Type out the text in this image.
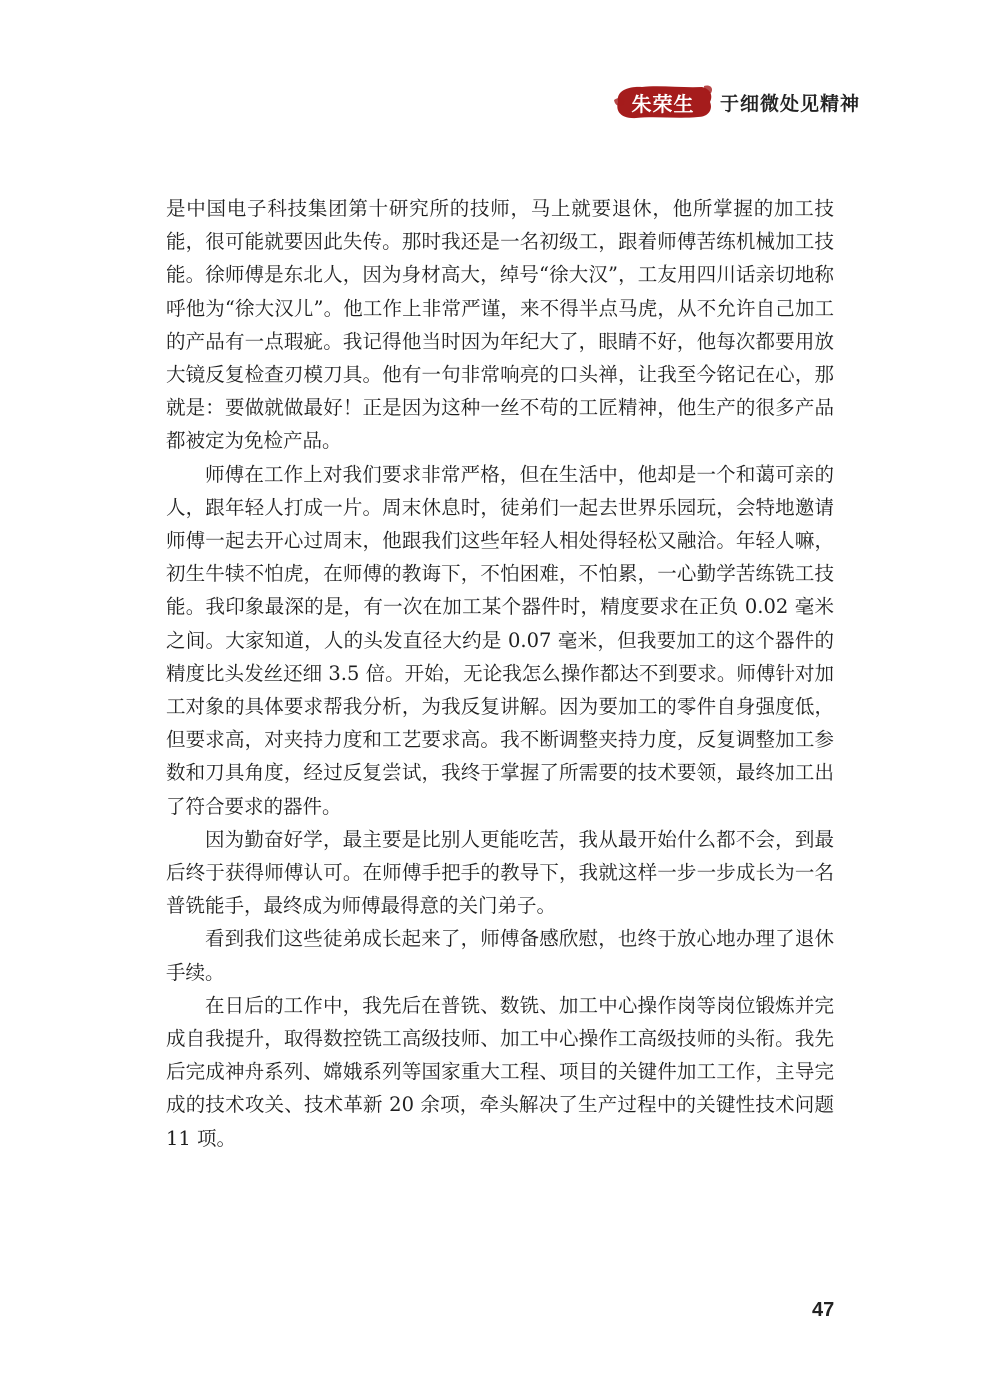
朱荣生 于细微处见精神

是中国电子科技集团第十研究所的技师，马上就要退休，他所掌握的加工技能，很可能就要因此失传。那时我还是一名初级工，跟着师傅苦练机械加工技能。徐师傅是东北人，因为身材高大，绰号“徐大汉”，工友用四川话亲切地称呼他为“徐大汉儿”。他工作上非常严谨，来不得半点马虎，从不允许自己加工的产品有一点瑕疵。我记得他当时因为年纪大了，眼睛不好，他每次都要用放大镜反复检查刃模刀具。他有一句非常响亮的口头禅，让我至今铭记在心，那就是：要做就做最好！正是因为这种一丝不苟的工匠精神，他生产的很多产品都被定为免检产品。

师傅在工作上对我们要求非常严格，但在生活中，他却是一个和蔼可亲的人，跟年轻人打成一片。周末休息时，徒弟们一起去世界乐园玩，会特地邀请师傅一起去开心过周末，他跟我们这些年轻人相处得轻松又融洽。年轻人嘛，初生牛犊不怕虎，在师傅的教诲下，不怕困难，不怕累，一心勤学苦练铣工技能。我印象最深的是，有一次在加工某个器件时，精度要求在正负 0.02 毫米之间。大家知道，人的头发直径大约是 0.07 毫米，但我要加工的这个器件的精度比头发丝还细 3.5 倍。开始，无论我怎么操作都达不到要求。师傅针对加工对象的具体要求帮我分析，为我反复讲解。因为要加工的零件自身强度低，但要求高，对夹持力度和工艺要求高。我不断调整夹持力度，反复调整加工参数和刀具角度，经过反复尝试，我终于掌握了所需要的技术要领，最终加工出了符合要求的器件。

因为勤奋好学，最主要是比别人更能吃苦，我从最开始什么都不会，到最后终于获得师傅认可。在师傅手把手的教导下，我就这样一步一步成长为一名普铣能手，最终成为师傅最得意的关门弟子。

看到我们这些徒弟成长起来了，师傅备感欣慰，也终于放心地办理了退休手续。

在日后的工作中，我先后在普铣、数铣、加工中心操作岗等岗位锻炼并完成自我提升，取得数控铣工高级技师、加工中心操作工高级技师的头衔。我先后完成神舟系列、嫦娥系列等国家重大工程、项目的关键件加工工作，主导完成的技术攻关、技术革新 20 余项，牵头解决了生产过程中的关键性技术问题 11 项。

47
